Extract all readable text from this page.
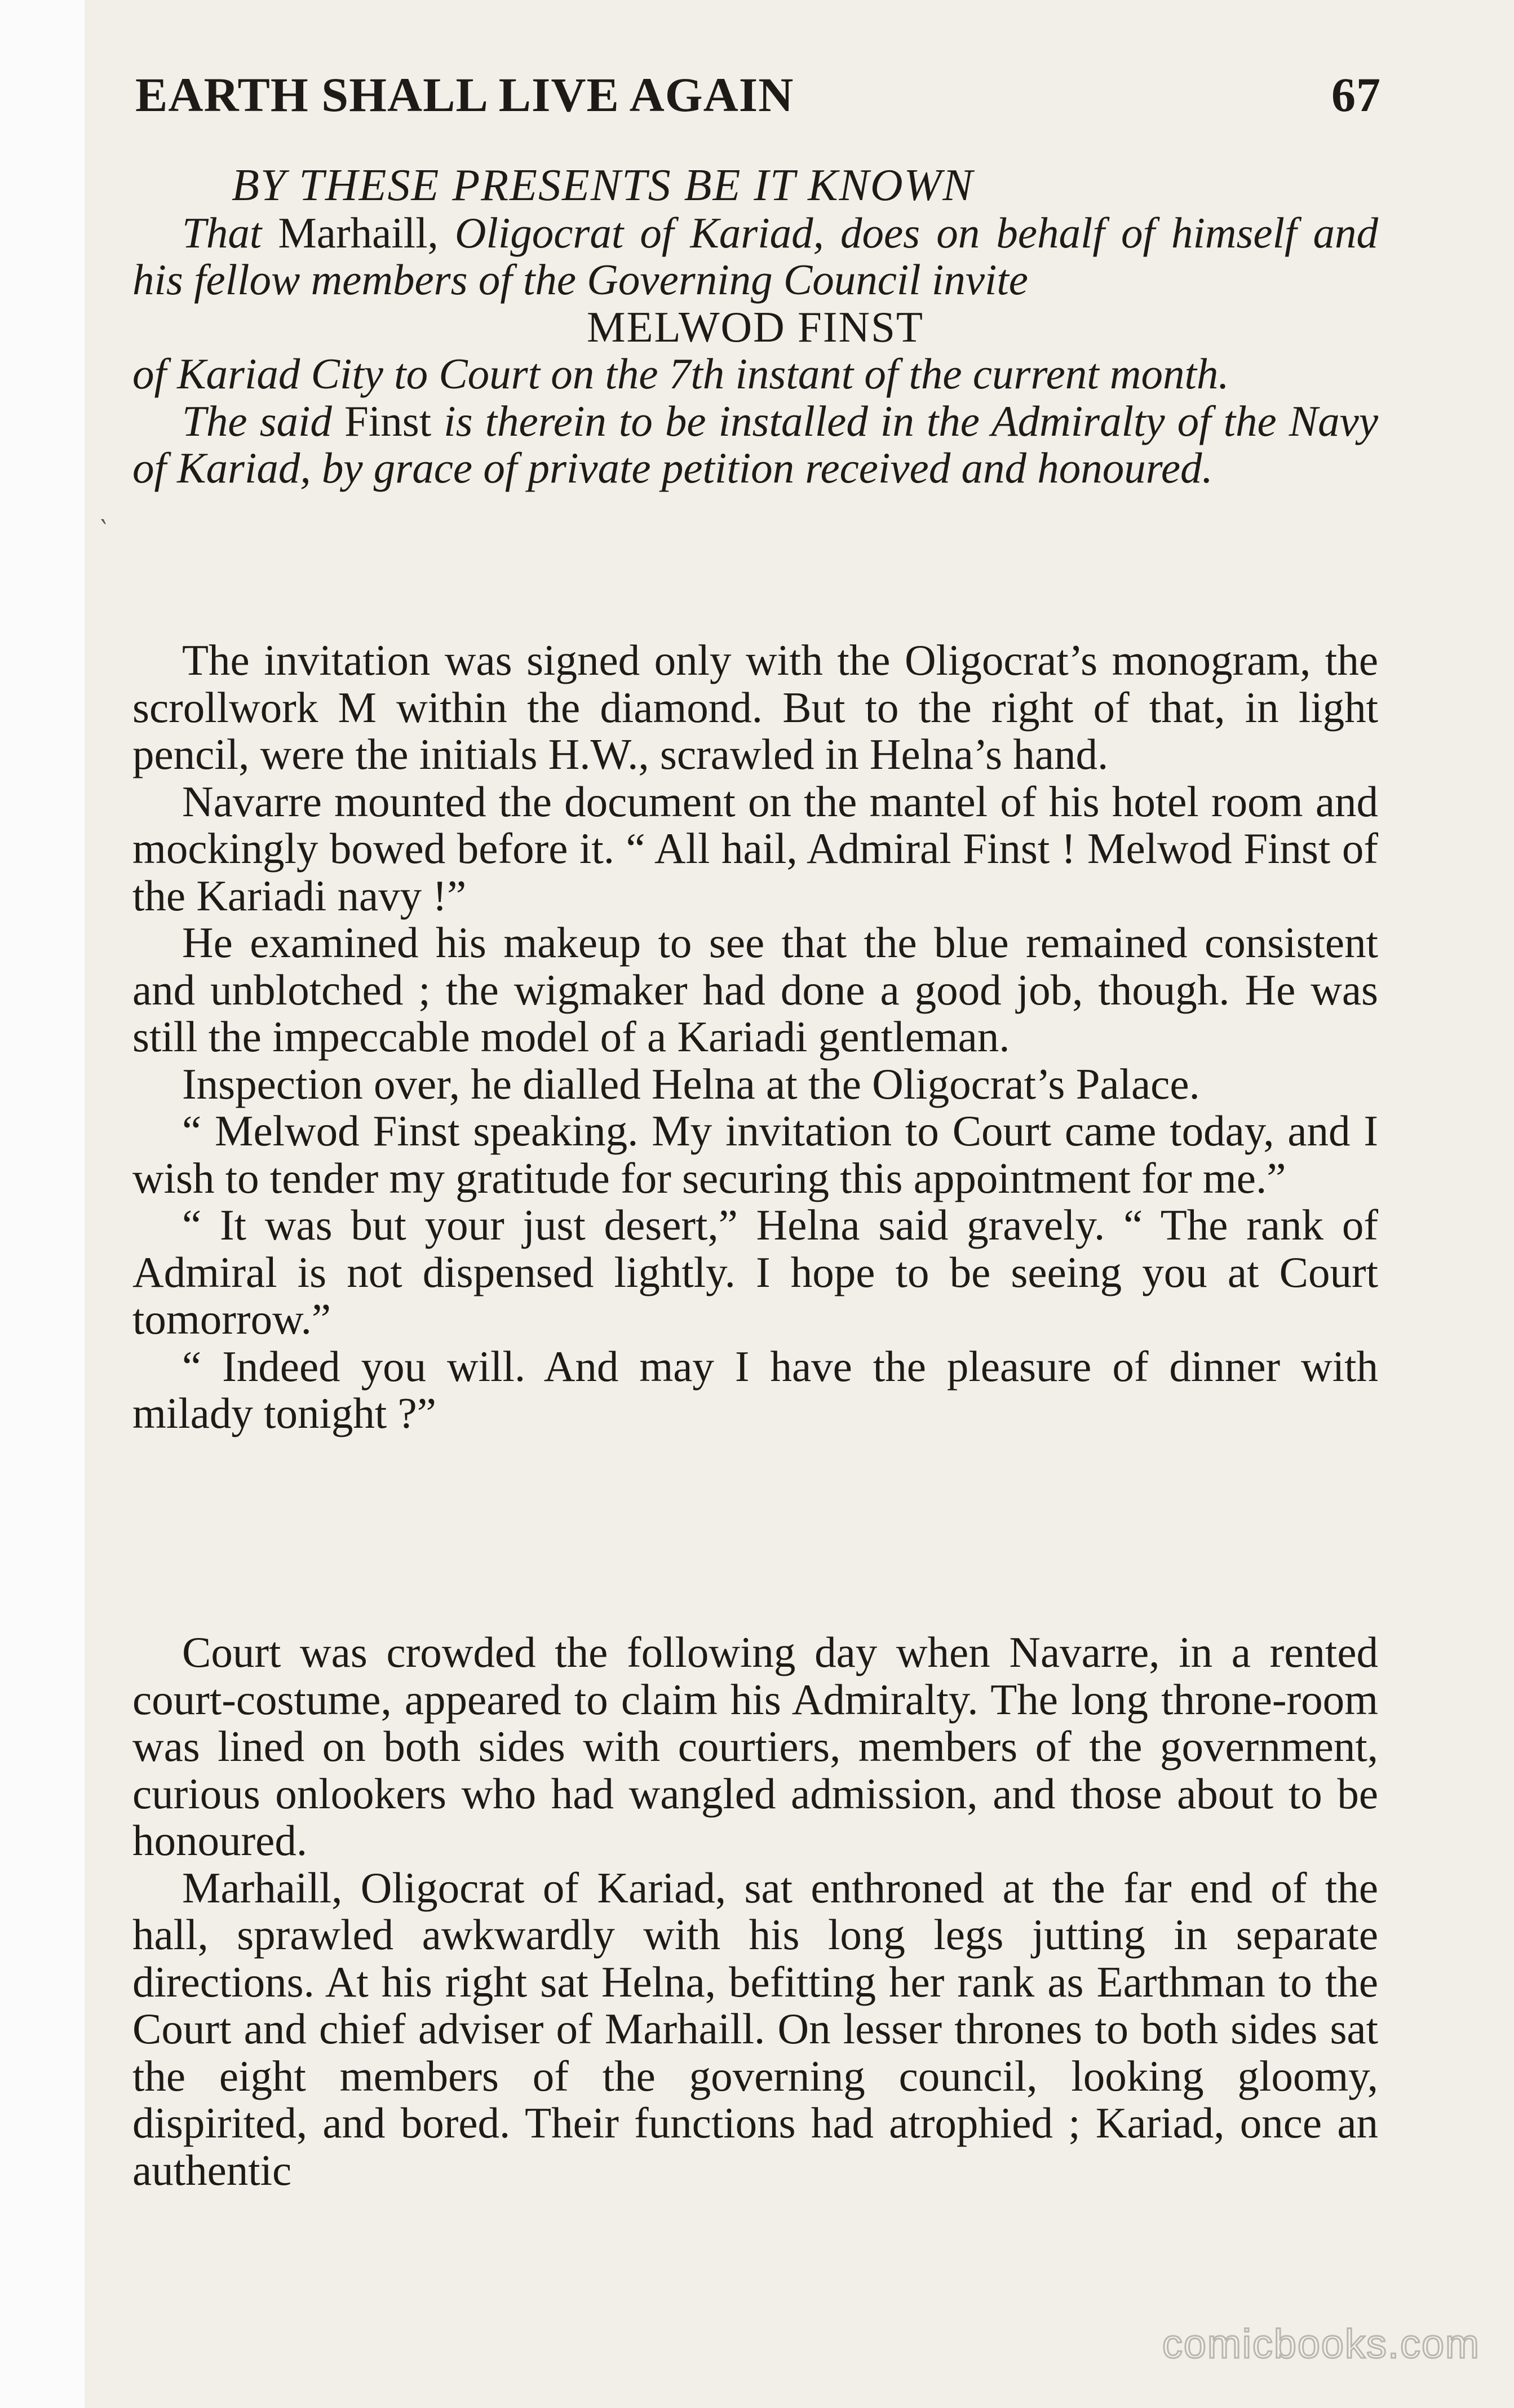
EARTH SHALL LIVE AGAIN	67
‵

BY THESE PRESENTS BE IT KNOWN

That Marhaill, Oligocrat of Kariad, does on behalf of himself and his fellow members of the Governing Council invite

MELWOD FINST

of Kariad City to Court on the 7th instant of the current month.

The said Finst is therein to be installed in the Admiralty of the Navy of Kariad, by grace of private petition received and honoured.

The invitation was signed only with the Oligocrat’s monogram, the scrollwork M within the diamond. But to the right of that, in light pencil, were the initials H.W., scrawled in Helna’s hand.

Navarre mounted the document on the mantel of his hotel room and mockingly bowed before it. “ All hail, Admiral Finst ! Melwod Finst of the Kariadi navy !”

He examined his makeup to see that the blue remained consistent and unblotched ; the wigmaker had done a good job, though. He was still the impeccable model of a Kariadi gentleman.

Inspection over, he dialled Helna at the Oligocrat’s Palace.

“ Melwod Finst speaking. My invitation to Court came today, and I wish to tender my gratitude for securing this appointment for me.”

“ It was but your just desert,” Helna said gravely. “ The rank of Admiral is not dispensed lightly. I hope to be seeing you at Court tomorrow.”

“ Indeed you will. And may I have the pleasure of dinner with milady tonight ?”

Court was crowded the following day when Navarre, in a rented court-costume, appeared to claim his Admiralty. The long throne-room was lined on both sides with courtiers, members of the government, curious onlookers who had wangled admission, and those about to be honoured.

Marhaill, Oligocrat of Kariad, sat enthroned at the far end of the hall, sprawled awkwardly with his long legs jutting in separate directions. At his right sat Helna, befitting her rank as Earthman to the Court and chief adviser of Marhaill. On lesser thrones to both sides sat the eight members of the governing council, looking gloomy, dispirited, and bored. Their functions had atrophied ; Kariad, once an authentic

comicbooks.com
